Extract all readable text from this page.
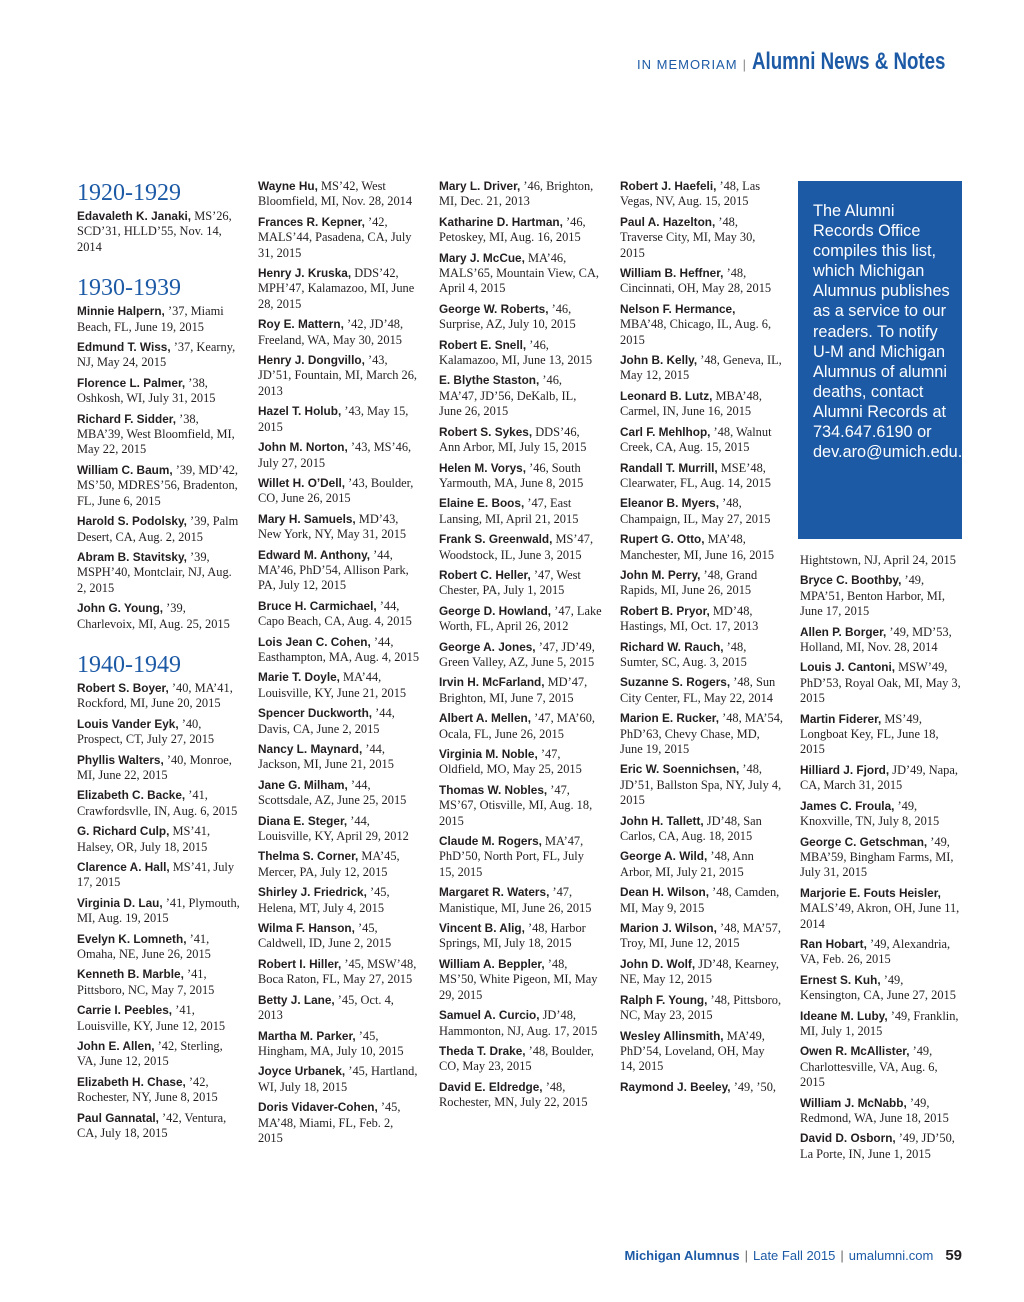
IN MEMORIAM | Alumni News & Notes
1920-1929
Edavaleth K. Janaki, MS’26, SCD’31, HLLD’55, Nov. 14, 2014
1930-1939
Minnie Halpern, ’37, Miami Beach, FL, June 19, 2015
Edmund T. Wiss, ’37, Kearny, NJ, May 24, 2015
Florence L. Palmer, ’38, Oshkosh, WI, July 31, 2015
Richard F. Sidder, ’38, MBA’39, West Bloomfield, MI, May 22, 2015
William C. Baum, ’39, MD’42, MS’50, MDRES’56, Bradenton, FL, June 6, 2015
Harold S. Podolsky, ’39, Palm Desert, CA, Aug. 2, 2015
Abram B. Stavitsky, ’39, MSPH’40, Montclair, NJ, Aug. 2, 2015
John G. Young, ’39, Charlevoix, MI, Aug. 25, 2015
1940-1949
Robert S. Boyer, ’40, MA’41, Rockford, MI, June 20, 2015
Louis Vander Eyk, ’40, Prospect, CT, July 27, 2015
Phyllis Walters, ’40, Monroe, MI, June 22, 2015
Elizabeth C. Backe, ’41, Crawfordsvlle, IN, Aug. 6, 2015
G. Richard Culp, MS’41, Halsey, OR, July 18, 2015
Clarence A. Hall, MS’41, July 17, 2015
Virginia D. Lau, ’41, Plymouth, MI, Aug. 19, 2015
Evelyn K. Lomneth, ’41, Omaha, NE, June 26, 2015
Kenneth B. Marble, ’41, Pittsboro, NC, May 7, 2015
Carrie I. Peebles, ’41, Louisville, KY, June 12, 2015
John E. Allen, ’42, Sterling, VA, June 12, 2015
Elizabeth H. Chase, ’42, Rochester, NY, June 8, 2015
Paul Gannatal, ’42, Ventura, CA, July 18, 2015
Wayne Hu, MS’42, West Bloomfield, MI, Nov. 28, 2014
Frances R. Kepner, ’42, MALS’44, Pasadena, CA, July 31, 2015
Henry J. Kruska, DDS’42, MPH’47, Kalamazoo, MI, June 28, 2015
Roy E. Mattern, ’42, JD’48, Freeland, WA, May 30, 2015
Henry J. Dongvillo, ’43, JD’51, Fountain, MI, March 26, 2013
Hazel T. Holub, ’43, May 15, 2015
John M. Norton, ’43, MS’46, July 27, 2015
Willet H. O’Dell, ’43, Boulder, CO, June 26, 2015
Mary H. Samuels, MD’43, New York, NY, May 31, 2015
Edward M. Anthony, ’44, MA’46, PhD’54, Allison Park, PA, July 12, 2015
Bruce H. Carmichael, ’44, Capo Beach, CA, Aug. 4, 2015
Lois Jean C. Cohen, ’44, Easthampton, MA, Aug. 4, 2015
Marie T. Doyle, MA’44, Louisville, KY, June 21, 2015
Spencer Duckworth, ’44, Davis, CA, June 2, 2015
Nancy L. Maynard, ’44, Jackson, MI, June 21, 2015
Jane G. Milham, ’44, Scottsdale, AZ, June 25, 2015
Diana E. Steger, ’44, Louisville, KY, April 29, 2012
Thelma S. Corner, MA’45, Mercer, PA, July 12, 2015
Shirley J. Friedrick, ’45, Helena, MT, July 4, 2015
Wilma F. Hanson, ’45, Caldwell, ID, June 2, 2015
Robert I. Hiller, ’45, MSW’48, Boca Raton, FL, May 27, 2015
Betty J. Lane, ’45, Oct. 4, 2013
Martha M. Parker, ’45, Hingham, MA, July 10, 2015
Joyce Urbanek, ’45, Hartland, WI, July 18, 2015
Doris Vidaver-Cohen, ’45, MA’48, Miami, FL, Feb. 2, 2015
Mary L. Driver, ’46, Brighton, MI, Dec. 21, 2013
Katharine D. Hartman, ’46, Petoskey, MI, Aug. 16, 2015
Mary J. McCue, MA’46, MALS’65, Mountain View, CA, April 4, 2015
George W. Roberts, ’46, Surprise, AZ, July 10, 2015
Robert E. Snell, ’46, Kalamazoo, MI, June 13, 2015
E. Blythe Staston, ’46, MA’47, JD’56, DeKalb, IL, June 26, 2015
Robert S. Sykes, DDS’46, Ann Arbor, MI, July 15, 2015
Helen M. Vorys, ’46, South Yarmouth, MA, June 8, 2015
Elaine E. Boos, ’47, East Lansing, MI, April 21, 2015
Frank S. Greenwald, MS’47, Woodstock, IL, June 3, 2015
Robert C. Heller, ’47, West Chester, PA, July 1, 2015
George D. Howland, ’47, Lake Worth, FL, April 26, 2012
George A. Jones, ’47, JD’49, Green Valley, AZ, June 5, 2015
Irvin H. McFarland, MD’47, Brighton, MI, June 7, 2015
Albert A. Mellen, ’47, MA’60, Ocala, FL, June 26, 2015
Virginia M. Noble, ’47, Oldfield, MO, May 25, 2015
Thomas W. Nobles, ’47, MS’67, Otisville, MI, Aug. 18, 2015
Claude M. Rogers, MA’47, PhD’50, North Port, FL, July 15, 2015
Margaret R. Waters, ’47, Manistique, MI, June 26, 2015
Vincent B. Alig, ’48, Harbor Springs, MI, July 18, 2015
William A. Beppler, ’48, MS’50, White Pigeon, MI, May 29, 2015
Samuel A. Curcio, JD’48, Hammonton, NJ, Aug. 17, 2015
Theda T. Drake, ’48, Boulder, CO, May 23, 2015
David E. Eldredge, ’48, Rochester, MN, July 22, 2015
Robert J. Haefeli, ’48, Las Vegas, NV, Aug. 15, 2015
Paul A. Hazelton, ’48, Traverse City, MI, May 30, 2015
William B. Heffner, ’48, Cincinnati, OH, May 28, 2015
Nelson F. Hermance, MBA’48, Chicago, IL, Aug. 6, 2015
John B. Kelly, ’48, Geneva, IL, May 12, 2015
Leonard B. Lutz, MBA’48, Carmel, IN, June 16, 2015
Carl F. Mehlhop, ’48, Walnut Creek, CA, Aug. 15, 2015
Randall T. Murrill, MSE’48, Clearwater, FL, Aug. 14, 2015
Eleanor B. Myers, ’48, Champaign, IL, May 27, 2015
Rupert G. Otto, MA’48, Manchester, MI, June 16, 2015
John M. Perry, ’48, Grand Rapids, MI, June 26, 2015
Robert B. Pryor, MD’48, Hastings, MI, Oct. 17, 2013
Richard W. Rauch, ’48, Sumter, SC, Aug. 3, 2015
Suzanne S. Rogers, ’48, Sun City Center, FL, May 22, 2014
Marion E. Rucker, ’48, MA’54, PhD’63, Chevy Chase, MD, June 19, 2015
Eric W. Soennichsen, ’48, JD’51, Ballston Spa, NY, July 4, 2015
John H. Tallett, JD’48, San Carlos, CA, Aug. 18, 2015
George A. Wild, ’48, Ann Arbor, MI, July 21, 2015
Dean H. Wilson, ’48, Camden, MI, May 9, 2015
Marion J. Wilson, ’48, MA’57, Troy, MI, June 12, 2015
John D. Wolf, JD’48, Kearney, NE, May 12, 2015
Ralph F. Young, ’48, Pittsboro, NC, May 23, 2015
Wesley Allinsmith, MA’49, PhD’54, Loveland, OH, May 14, 2015
Raymond J. Beeley, ’49, ’50,
The Alumni Records Office compiles this list, which Michigan Alumnus publishes as a service to our readers. To notify U-M and Michigan Alumnus of alumni deaths, contact Alumni Records at 734.647.6190 or dev.aro@umich.edu.
Hightstown, NJ, April 24, 2015
Bryce C. Boothby, ’49, MPA’51, Benton Harbor, MI, June 17, 2015
Allen P. Borger, ’49, MD’53, Holland, MI, Nov. 28, 2014
Louis J. Cantoni, MSW’49, PhD’53, Royal Oak, MI, May 3, 2015
Martin Fiderer, MS’49, Longboat Key, FL, June 18, 2015
Hilliard J. Fjord, JD’49, Napa, CA, March 31, 2015
James C. Froula, ’49, Knoxville, TN, July 8, 2015
George C. Getschman, ’49, MBA’59, Bingham Farms, MI, July 31, 2015
Marjorie E. Fouts Heisler, MALS’49, Akron, OH, June 11, 2014
Ran Hobart, ’49, Alexandria, VA, Feb. 26, 2015
Ernest S. Kuh, ’49, Kensington, CA, June 27, 2015
Ideane M. Luby, ’49, Franklin, MI, July 1, 2015
Owen R. McAllister, ’49, Charlottesville, VA, Aug. 6, 2015
William J. McNabb, ’49, Redmond, WA, June 18, 2015
David D. Osborn, ’49, JD’50, La Porte, IN, June 1, 2015
Michigan Alumnus | Late Fall 2015 | umalumni.com 59
